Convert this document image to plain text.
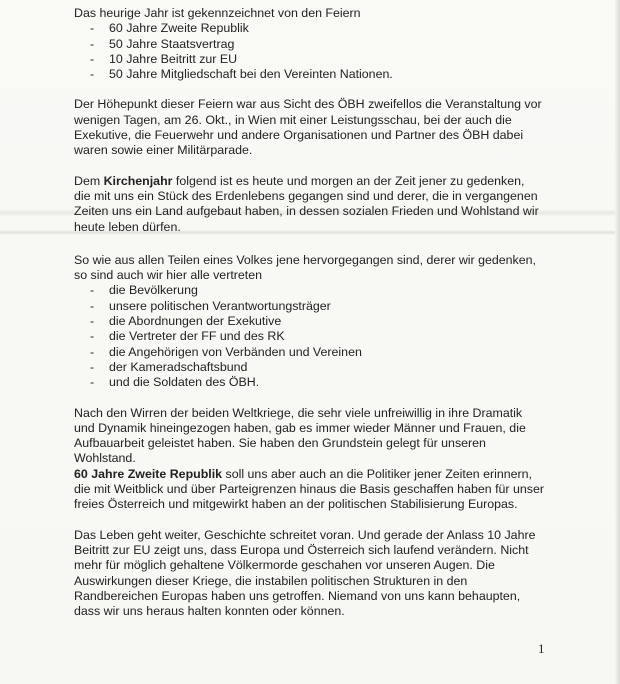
Das heurige Jahr ist gekennzeichnet von den Feiern

- 60 Jahre Zweite Republik
- 50 Jahre Staatsvertrag
- 10 Jahre Beitritt zur EU
- 50 Jahre Mitgliedschaft bei den Vereinten Nationen.

Der Höhepunkt dieser Feiern war aus Sicht des ÖBH zweifellos die Veranstaltung vor wenigen Tagen, am 26. Okt., in Wien mit einer Leistungsschau, bei der auch die Exekutive, die Feuerwehr und andere Organisationen und Partner des ÖBH dabei waren sowie einer Militärparade.

Dem Kirchenjahr folgend ist es heute und morgen an der Zeit jener zu gedenken, die mit uns ein Stück des Erdenlebens gegangen sind und derer, die in vergangenen Zeiten uns ein Land aufgebaut haben, in dessen sozialen Frieden und Wohlstand wir heute leben dürfen.

So wie aus allen Teilen eines Volkes jene hervorgegangen sind, derer wir gedenken, so sind auch wir hier alle vertreten

- die Bevölkerung
- unsere politischen Verantwortungsträger
- die Abordnungen der Exekutive
- die Vertreter der FF und des RK
- die Angehörigen von Verbänden und Vereinen
- der Kameradschaftsbund
- und die Soldaten des ÖBH.

Nach den Wirren der beiden Weltkriege, die sehr viele unfreiwillig in ihre Dramatik und Dynamik hineingezogen haben, gab es immer wieder Männer und Frauen, die Aufbauarbeit geleistet haben. Sie haben den Grundstein gelegt für unseren Wohlstand.

60 Jahre Zweite Republik soll uns aber auch an die Politiker jener Zeiten erinnern, die mit Weitblick und über Parteigrenzen hinaus die Basis geschaffen haben für unser freies Österreich und mitgewirkt haben an der politischen Stabilisierung Europas.

Das Leben geht weiter, Geschichte schreitet voran. Und gerade der Anlass 10 Jahre Beitritt zur EU zeigt uns, dass Europa und Österreich sich laufend verändern. Nicht mehr für möglich gehaltene Völkermorde geschahen vor unseren Augen. Die Auswirkungen dieser Kriege, die instabilen politischen Strukturen in den Randbereichen Europas haben uns getroffen. Niemand von uns kann behaupten, dass wir uns heraus halten konnten oder können.

1
